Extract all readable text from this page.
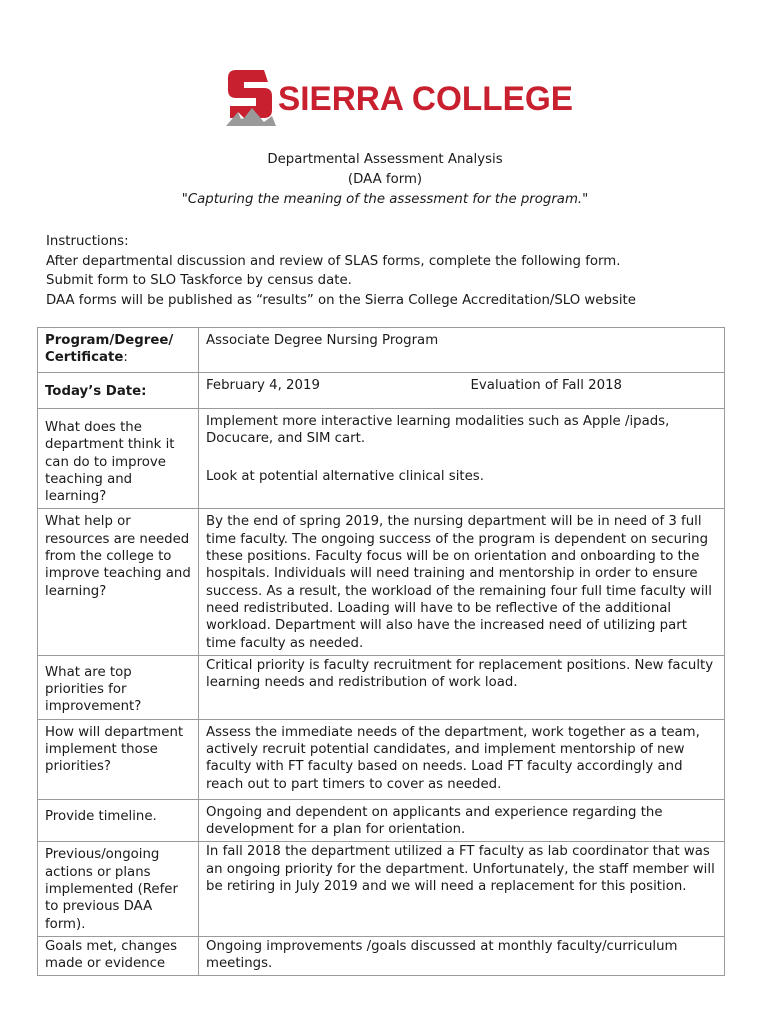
SIERRA COLLEGE
Departmental Assessment Analysis
(DAA form)
"Capturing the meaning of the assessment for the program."
Instructions:
After departmental discussion and review of SLAS forms, complete the following form.
Submit form to SLO Taskforce by census date.
DAA forms will be published as “results” on the Sierra College Accreditation/SLO website
Program/Degree/
Certificate:	Associate Degree Nursing Program
Today’s Date:	February 4, 2019 Evaluation of Fall 2018

What does the department think it can do to improve teaching and learning?	Implement more interactive learning modalities such as Apple /ipads, Docucare, and SIM cart.
Look at potential alternative clinical sites.

What help or resources are needed from the college to improve teaching and learning?	By the end of spring 2019, the nursing department will be in need of 3 full time faculty. The ongoing success of the program is dependent on securing these positions. Faculty focus will be on orientation and onboarding to the hospitals. Individuals will need training and mentorship in order to ensure success. As a result, the workload of the remaining four full time faculty will need redistributed. Loading will have to be reflective of the additional workload. Department will also have the increased need of utilizing part time faculty as needed.
What are top priorities for improvement?	Critical priority is faculty recruitment for replacement positions. New faculty learning needs and redistribution of work load.
How will department implement those priorities?	Assess the immediate needs of the department, work together as a team, actively recruit potential candidates, and implement mentorship of new faculty with FT faculty based on needs. Load FT faculty accordingly and reach out to part timers to cover as needed.
Provide timeline.	Ongoing and dependent on applicants and experience regarding the development for a plan for orientation.
Previous/ongoing actions or plans implemented (Refer to previous DAA form).	In fall 2018 the department utilized a FT faculty as lab coordinator that was an ongoing priority for the department. Unfortunately, the staff member will be retiring in July 2019 and we will need a replacement for this position.
Goals met, changes made or evidence	Ongoing improvements /goals discussed at monthly faculty/curriculum meetings.
